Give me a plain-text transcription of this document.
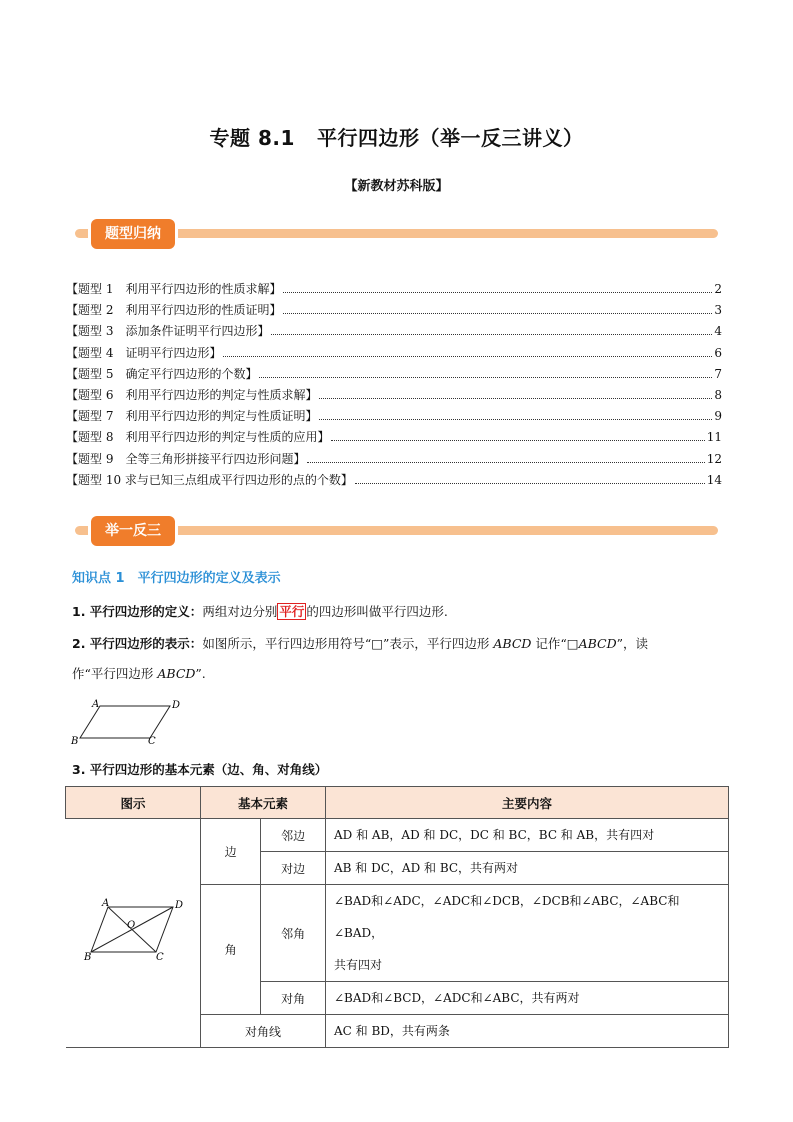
专题 8.1 平行四边形（举一反三讲义）
【新教材苏科版】
题型归纳
【题型 1　利用平行四边形的性质求解】	2
【题型 2　利用平行四边形的性质证明】	3
【题型 3　添加条件证明平行四边形】	4
【题型 4　证明平行四边形】	6
【题型 5　确定平行四边形的个数】	7
【题型 6　利用平行四边形的判定与性质求解】	8
【题型 7　利用平行四边形的判定与性质证明】	9
【题型 8　利用平行四边形的判定与性质的应用】	11
【题型 9　全等三角形拼接平行四边形问题】	12
【题型 10 求与已知三点组成平行四边形的点的个数】	14
举一反三
知识点 1　平行四边形的定义及表示
1. 平行四边形的定义：两组对边分别 平行 的四边形叫做平行四边形.
2. 平行四边形的表示：如图所示，平行四边形用符号“□”表示，平行四边形 ABCD 记作“□ABCD”，读
作“平行四边形 ABCD”.
A	D
B	C
3. 平行四边形的基本元素（边、角、对角线）
图示	基本元素		主要内容

A D
B C
O	边	邻边	AD 和 AB，AD 和 DC，DC 和 BC，BC 和 AB，共有四对
		对边	AB 和 DC，AD 和 BC，共有两对
	角	邻角	∠BAD和∠ADC，∠ADC和∠DCB，∠DCB和∠ABC，∠ABC和∠BAD，
共有四对
		对角	∠BAD和∠BCD，∠ADC和∠ABC，共有两对
	对角线		AC 和 BD，共有两条
